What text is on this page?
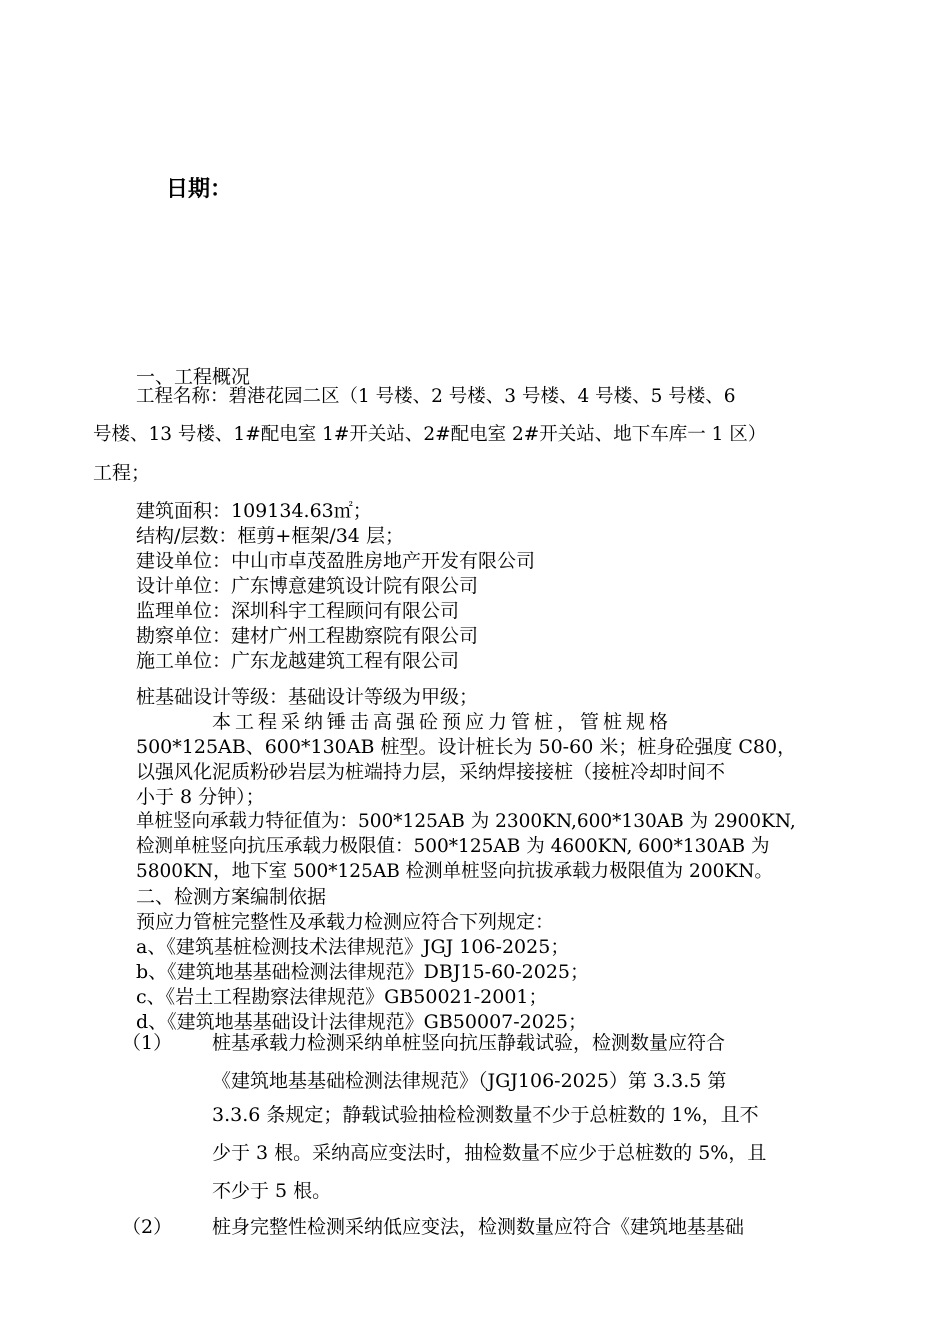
日期：
一、工程概况
工程名称：碧港花园二区（1 号楼、2 号楼、3 号楼、4 号楼、5 号楼、6
号楼、13 号楼、1#配电室 1#开关站、2#配电室 2#开关站、地下车库一 1 区）
工程；
建筑面积：109134.63㎡；
结构/层数：框剪+框架/34 层；
建设单位：中山市卓茂盈胜房地产开发有限公司
设计单位：广东博意建筑设计院有限公司
监理单位：深圳科宇工程顾问有限公司
勘察单位：建材广州工程勘察院有限公司
施工单位：广东龙越建筑工程有限公司
桩基础设计等级：基础设计等级为甲级；
本工程采纳锤击高强砼预应力管桩，管桩规格
500*125AB、600*130AB 桩型。设计桩长为 50-60 米；桩身砼强度 C80，
以强风化泥质粉砂岩层为桩端持力层，采纳焊接接桩（接桩冷却时间不
小于 8 分钟）；
单桩竖向承载力特征值为：500*125AB 为 2300KN,600*130AB 为 2900KN,
检测单桩竖向抗压承载力极限值：500*125AB 为 4600KN, 600*130AB 为
5800KN，地下室 500*125AB 检测单桩竖向抗拔承载力极限值为 200KN。
二、检测方案编制依据
预应力管桩完整性及承载力检测应符合下列规定：
a、《建筑基桩检测技术法律规范》JGJ 106-2025；
b、《建筑地基基础检测法律规范》DBJ15-60-2025；
c、《岩土工程勘察法律规范》GB50021-2001；
d、《建筑地基基础设计法律规范》GB50007-2025；
（1） 桩基承载力检测采纳单桩竖向抗压静载试验，检测数量应符合
《建筑地基基础检测法律规范》（JGJ106-2025）第 3.3.5 第
3.3.6 条规定；静载试验抽检检测数量不少于总桩数的 1%，且不
少于 3 根。采纳高应变法时，抽检数量不应少于总桩数的 5%，且
不少于 5 根。
（2） 桩身完整性检测采纳低应变法，检测数量应符合《建筑地基基础
